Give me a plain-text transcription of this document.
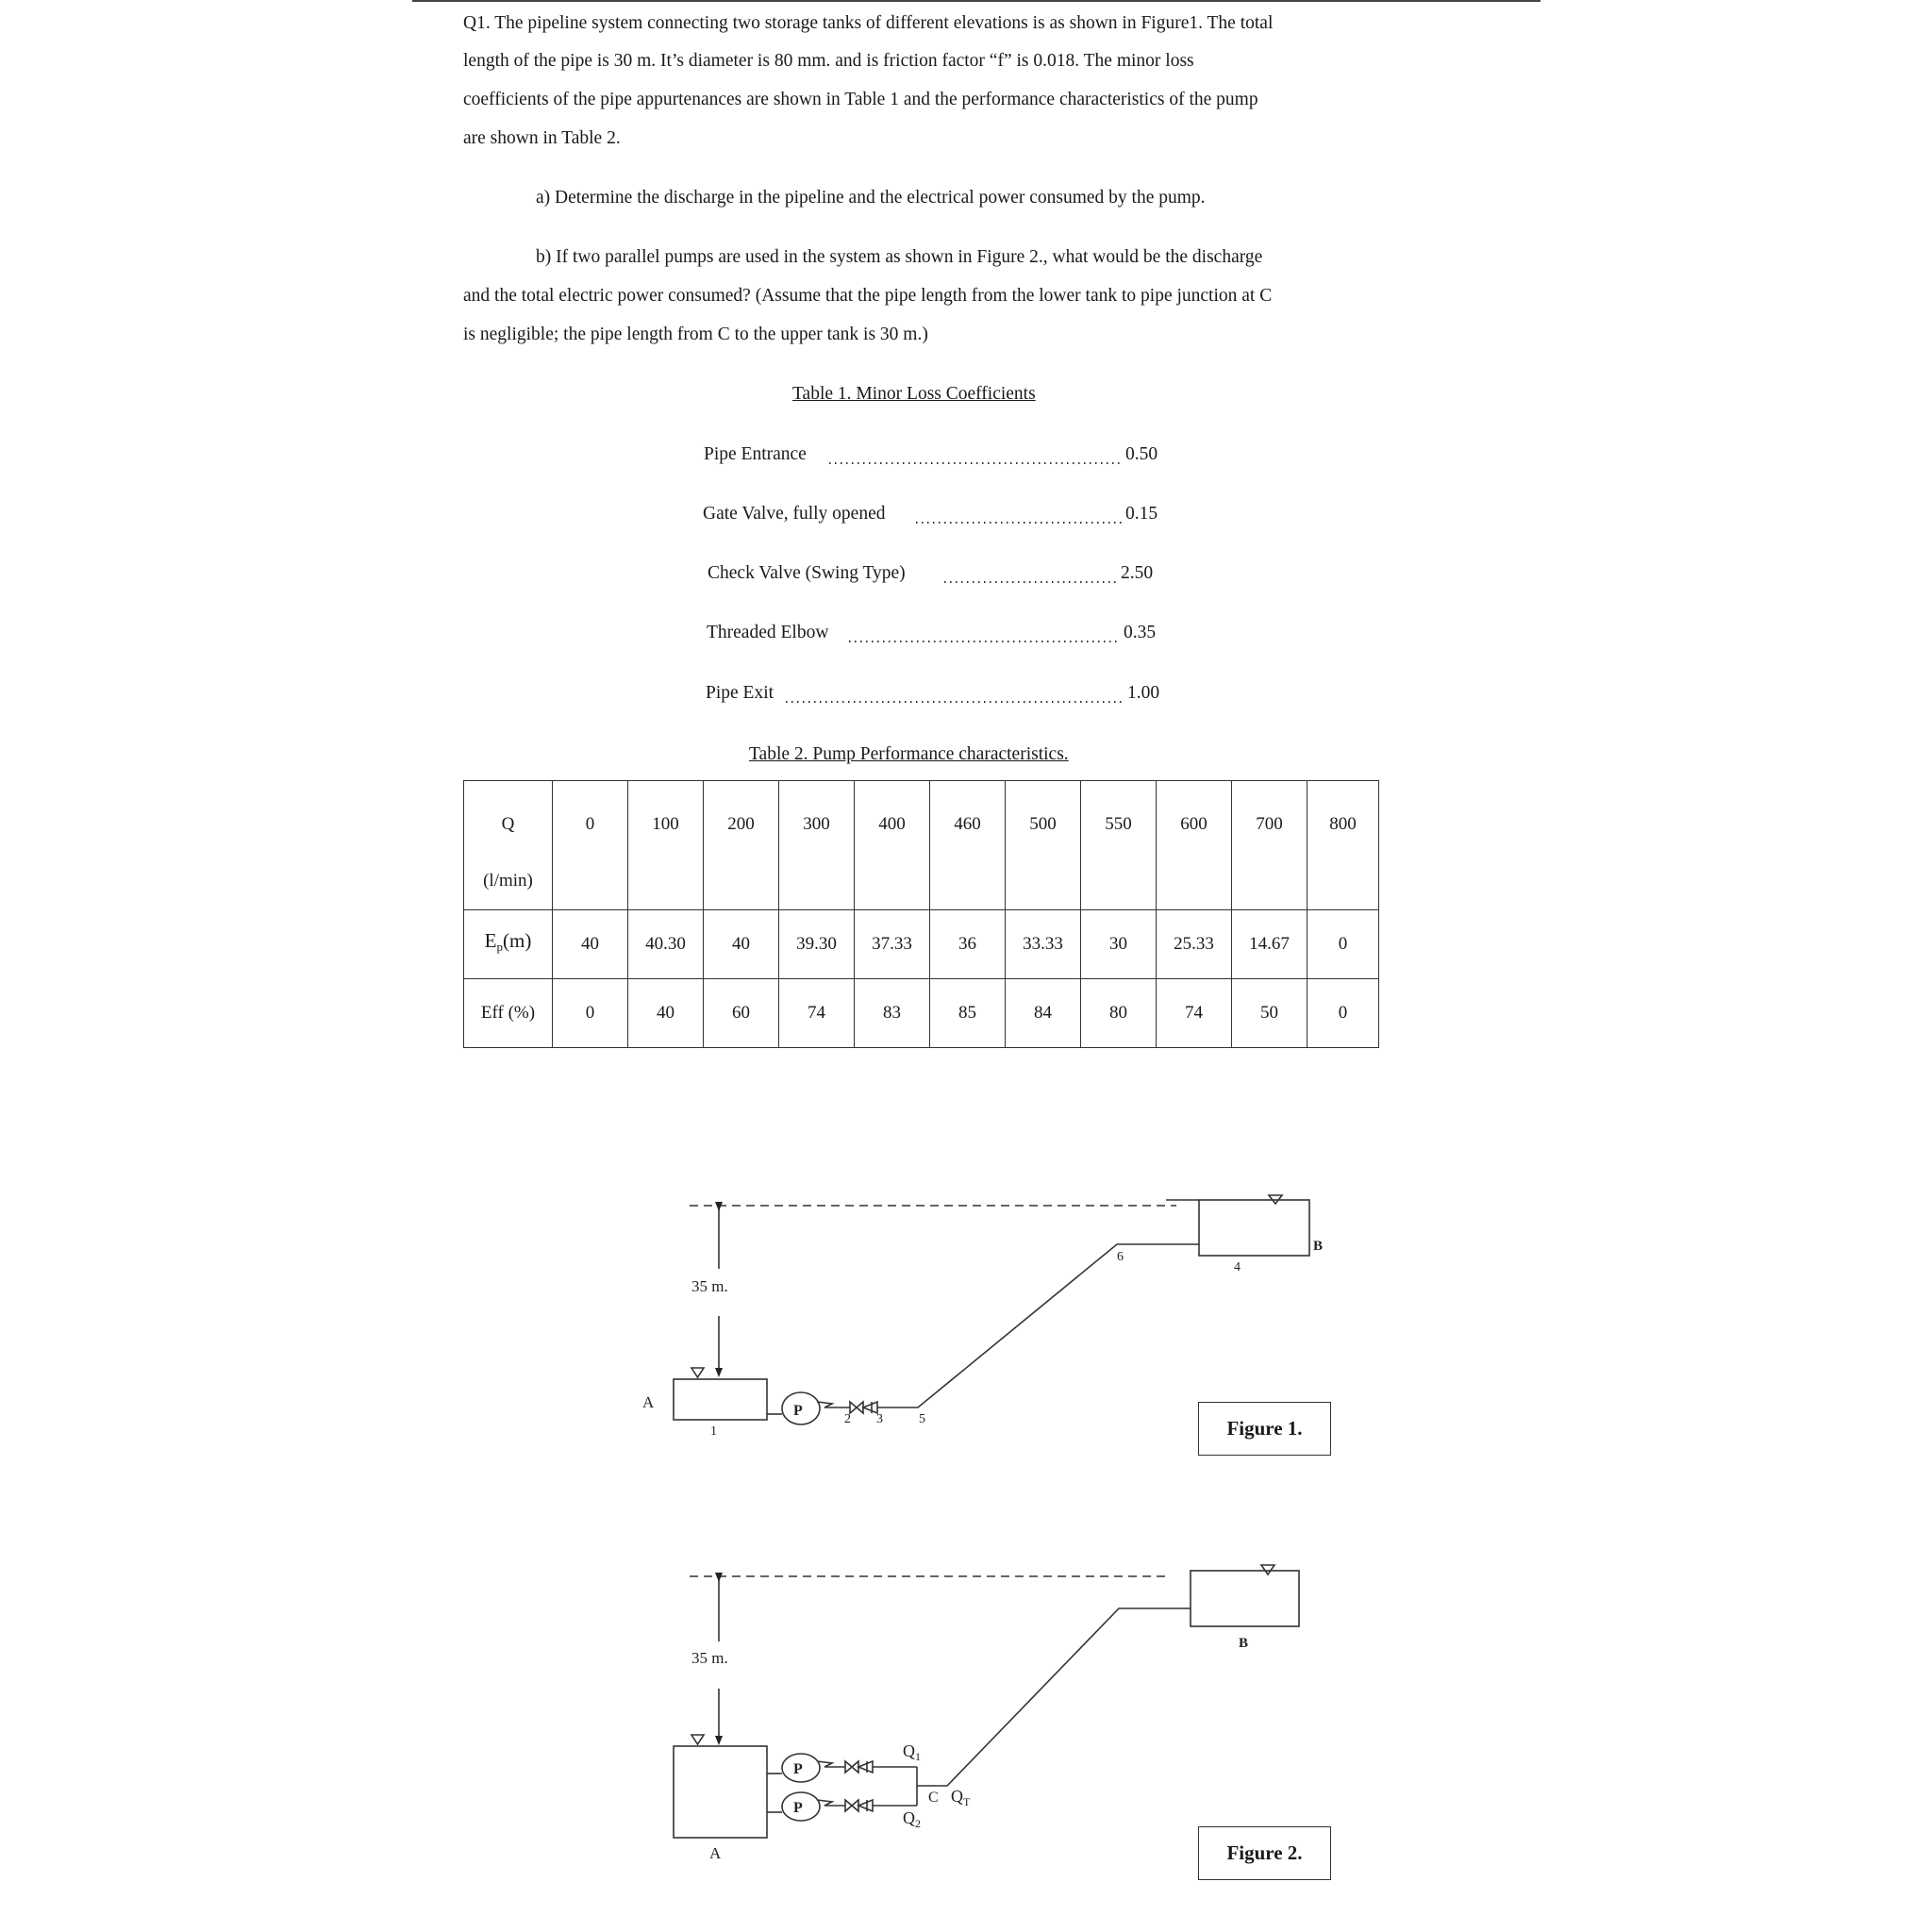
Q1. The pipeline system connecting two storage tanks of different elevations is as shown in Figure1. The total
length of the pipe is 30 m. It’s diameter is 80 mm. and is friction factor “f” is 0.018. The minor loss
coefficients of the pipe appurtenances are shown in Table 1 and the performance characteristics of the pump
are shown in Table 2.
a) Determine the discharge in the pipeline and the electrical power consumed by the pump.
b) If two parallel pumps are used in the system as shown in Figure 2., what would be the discharge
and the total electric power consumed? (Assume that the pipe length from the lower tank to pipe junction at C
is negligible; the pipe length from C to the upper tank is 30 m.)
Table 1. Minor Loss Coefficients
Pipe Entrance	0.50
Gate Valve, fully opened	0.15
Check Valve (Swing Type)	2.50
Threaded Elbow	0.35
Pipe Exit	1.00
Table 2. Pump Performance characteristics.
Q
(l/min)	0	100	200	300	400	460	500	550	600	700	800
$E_p(m)$	40	40.30	40	39.30	37.33	36	33.33	30	25.33	14.67	0
Eff (%)	0	40	60	74	83	85	84	80	74	50	0
35 m.
A
B
P
1
2 3	5
6
4
35 m.
A
B
P
P
$Q_1$
$Q_2$
C $Q_T$
Figure 1.
Figure 2.
